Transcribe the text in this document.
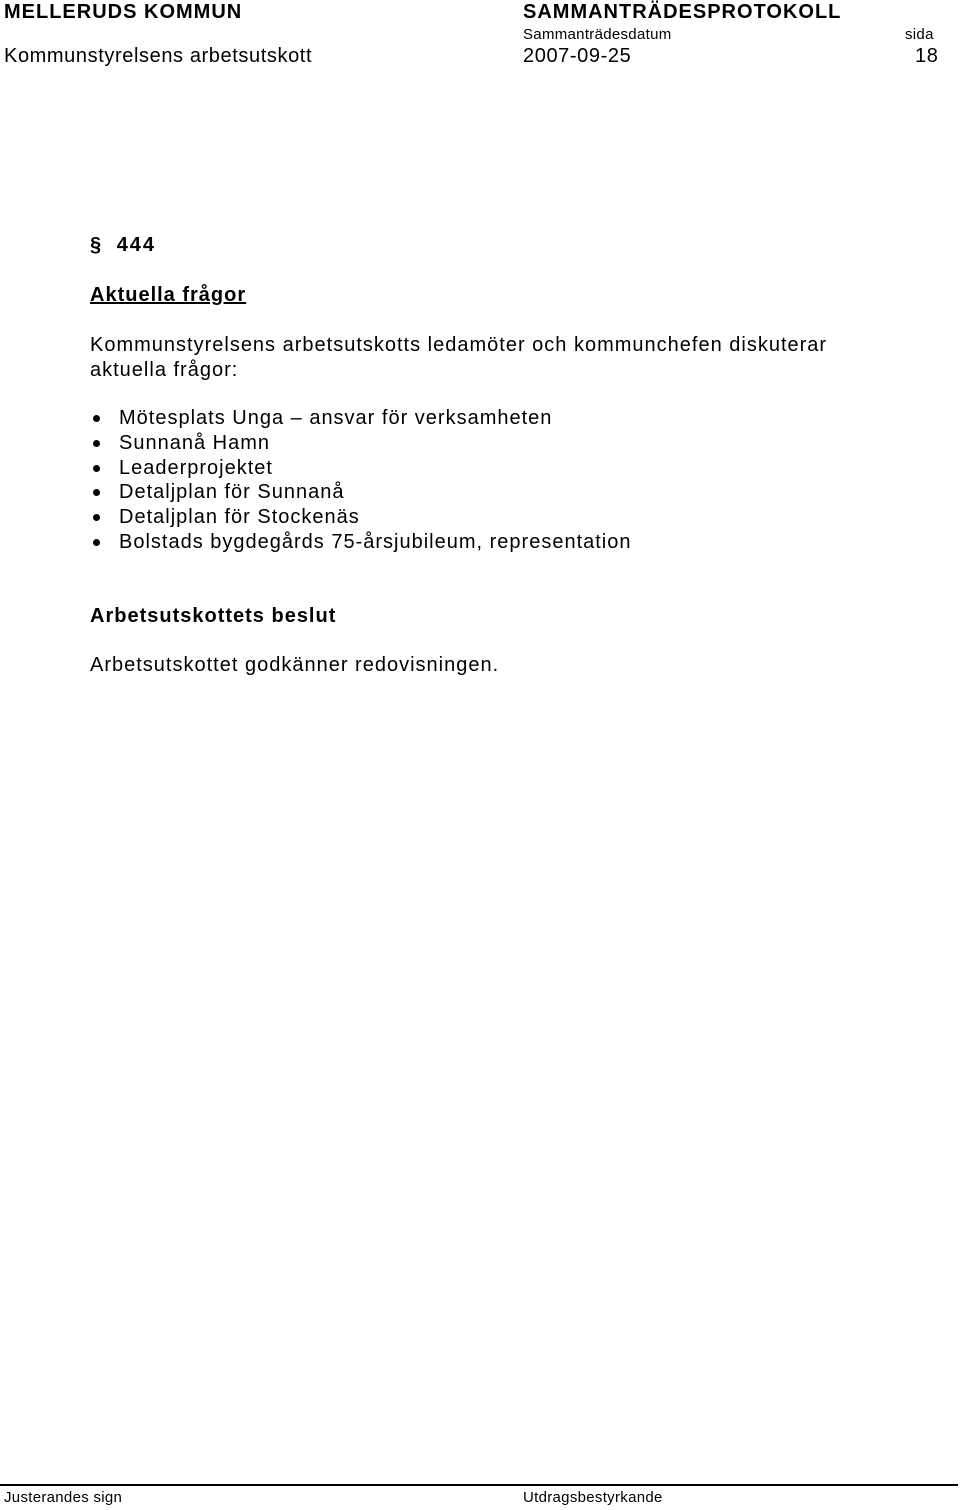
MELLERUDS KOMMUN	SAMMANTRÄDESPROTOKOLL
Sammanträdesdatum	sida
Kommunstyrelsens arbetsutskott	2007-09-25	18
§ 444
Aktuella frågor
Kommunstyrelsens arbetsutskotts ledamöter och kommunchefen diskuterar
aktuella frågor:
Mötesplats Unga – ansvar för verksamheten
Sunnanå Hamn
Leaderprojektet
Detaljplan för Sunnanå
Detaljplan för Stockenäs
Bolstads bygdegårds 75-årsjubileum, representation
Arbetsutskottets beslut
Arbetsutskottet godkänner redovisningen.
Justerandes sign	Utdragsbestyrkande
